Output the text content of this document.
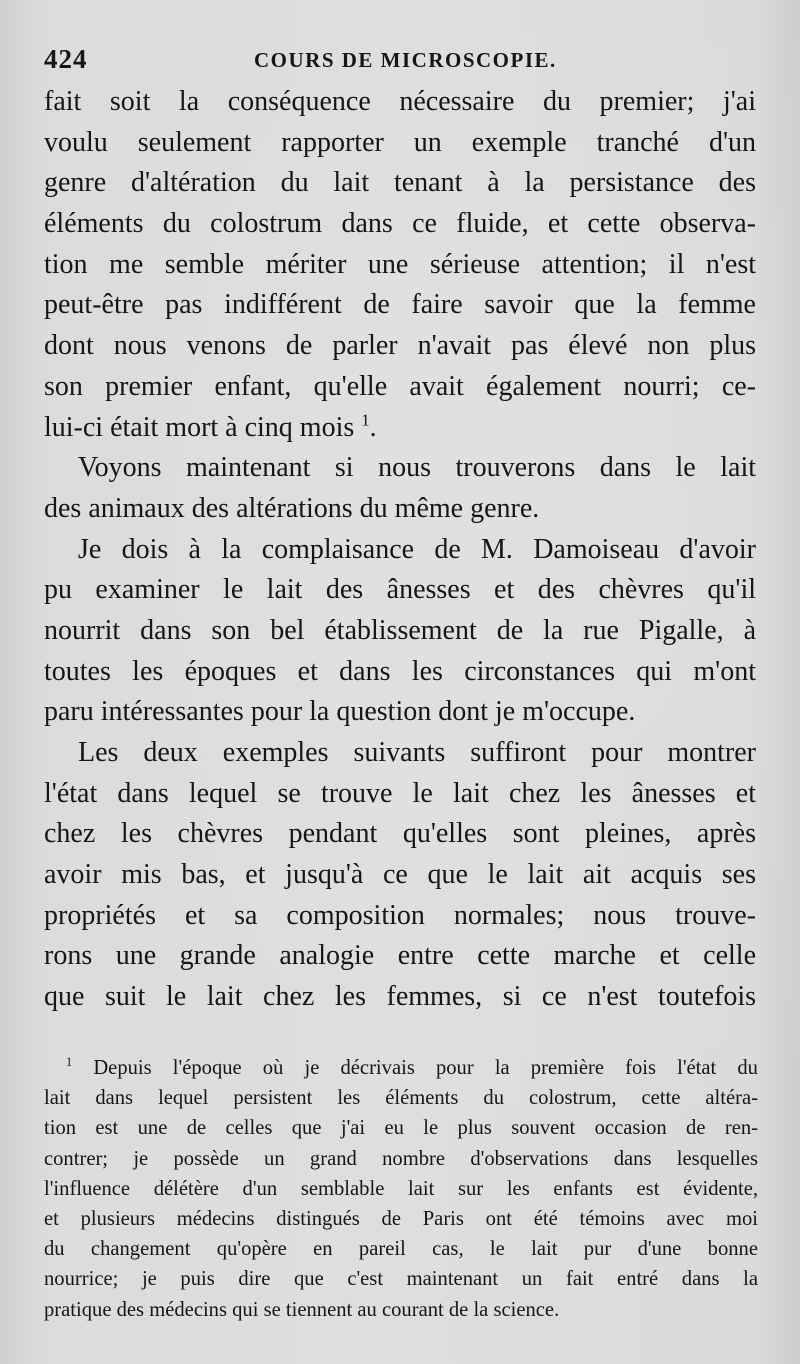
424	COURS DE MICROSCOPIE.
fait soit la conséquence nécessaire du premier; j'ai
voulu seulement rapporter un exemple tranché d'un
genre d'altération du lait tenant à la persistance des
éléments du colostrum dans ce fluide, et cette observa-
tion me semble mériter une sérieuse attention; il n'est
peut-être pas indifférent de faire savoir que la femme
dont nous venons de parler n'avait pas élevé non plus
son premier enfant, qu'elle avait également nourri; ce-
lui-ci était mort à cinq mois $^1$.
Voyons maintenant si nous trouverons dans le lait
des animaux des altérations du même genre.
Je dois à la complaisance de M. Damoiseau d'avoir
pu examiner le lait des ânesses et des chèvres qu'il
nourrit dans son bel établissement de la rue Pigalle, à
toutes les époques et dans les circonstances qui m'ont
paru intéressantes pour la question dont je m'occupe.
Les deux exemples suivants suffiront pour montrer
l'état dans lequel se trouve le lait chez les ânesses et
chez les chèvres pendant qu'elles sont pleines, après
avoir mis bas, et jusqu'à ce que le lait ait acquis ses
propriétés et sa composition normales; nous trouve-
rons une grande analogie entre cette marche et celle
que suit le lait chez les femmes, si ce n'est toutefois
$^1$ Depuis l'époque où je décrivais pour la première fois l'état du
lait dans lequel persistent les éléments du colostrum, cette altéra-
tion est une de celles que j'ai eu le plus souvent occasion de ren-
contrer; je possède un grand nombre d'observations dans lesquelles
l'influence délétère d'un semblable lait sur les enfants est évidente,
et plusieurs médecins distingués de Paris ont été témoins avec moi
du changement qu'opère en pareil cas, le lait pur d'une bonne
nourrice; je puis dire que c'est maintenant un fait entré dans la
pratique des médecins qui se tiennent au courant de la science.
